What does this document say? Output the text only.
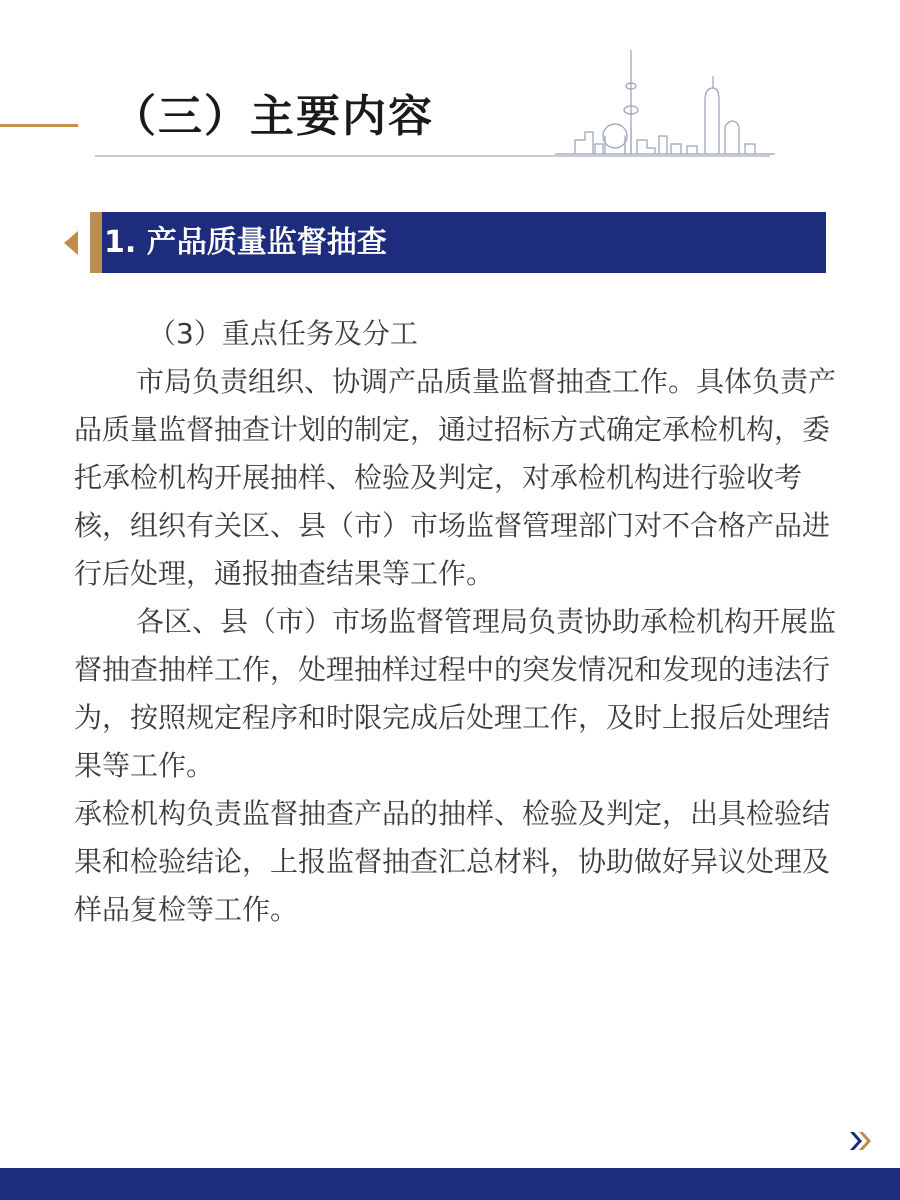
（三）主要内容
1. 产品质量监督抽查

（3）重点任务及分工

市局负责组织、协调产品质量监督抽查工作。具体负责产品质量监督抽查计划的制定，通过招标方式确定承检机构，委托承检机构开展抽样、检验及判定，对承检机构进行验收考核，组织有关区、县（市）市场监督管理部门对不合格产品进行后处理，通报抽查结果等工作。

各区、县（市）市场监督管理局负责协助承检机构开展监督抽查抽样工作，处理抽样过程中的突发情况和发现的违法行为，按照规定程序和时限完成后处理工作，及时上报后处理结果等工作。

承检机构负责监督抽查产品的抽样、检验及判定，出具检验结果和检验结论，上报监督抽查汇总材料，协助做好异议处理及样品复检等工作。
